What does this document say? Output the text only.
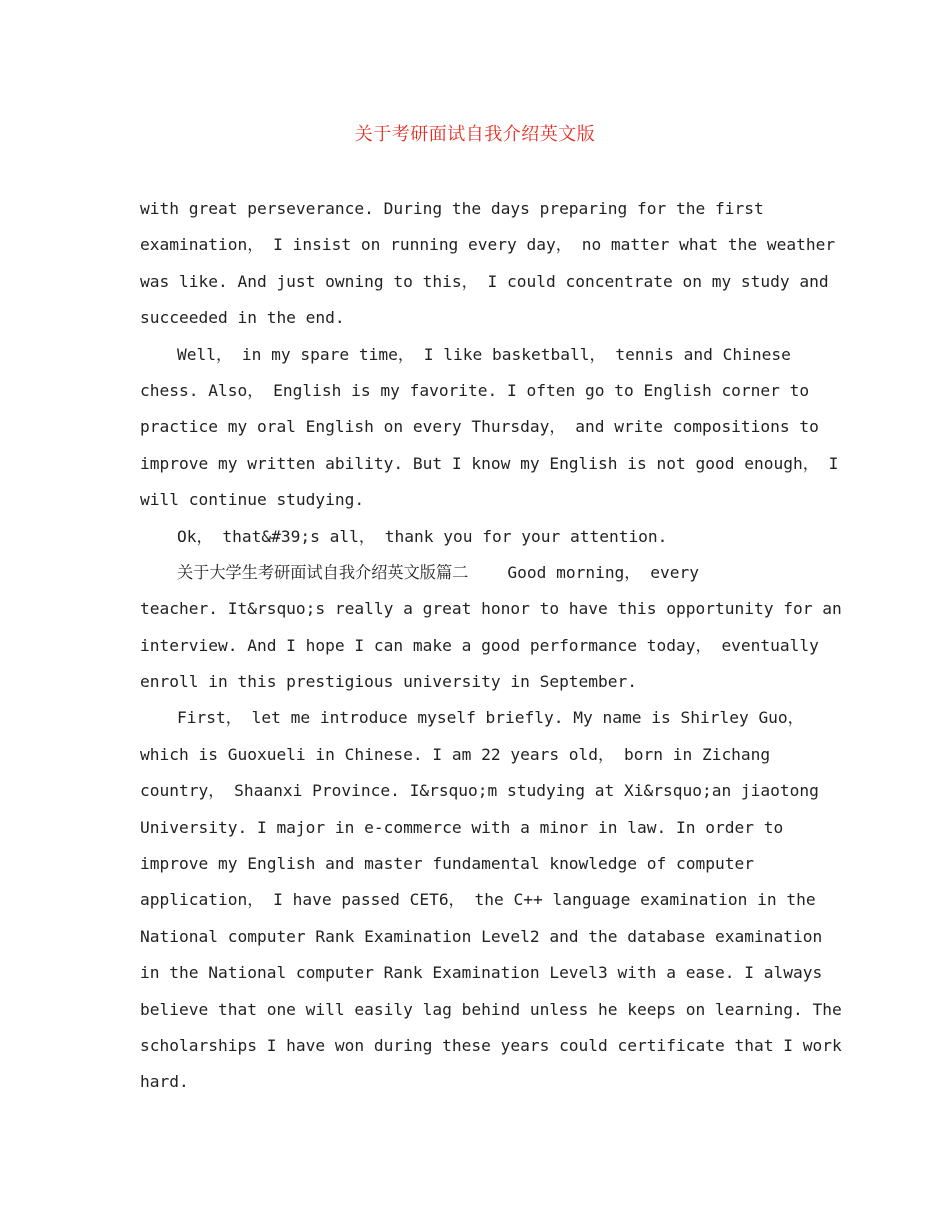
关于考研面试自我介绍英文版
with great perseverance. During the days preparing for the first
examination， I insist on running every day， no matter what the weather
was like. And just owning to this， I could concentrate on my study and
succeeded in the end.
Well， in my spare time， I like basketball， tennis and Chinese
chess. Also， English is my favorite. I often go to English corner to
practice my oral English on every Thursday， and write compositions to
improve my written ability. But I know my English is not good enough， I
will continue studying.
Ok， that&#39;s all， thank you for your attention.
关于大学生考研面试自我介绍英文版篇二    Good morning， every
teacher. It&rsquo;s really a great honor to have this opportunity for an
interview. And I hope I can make a good performance today， eventually
enroll in this prestigious university in September.
First， let me introduce myself briefly. My name is Shirley Guo，
which is Guoxueli in Chinese. I am 22 years old， born in Zichang
country， Shaanxi Province. I&rsquo;m studying at Xi&rsquo;an jiaotong
University. I major in e-commerce with a minor in law. In order to
improve my English and master fundamental knowledge of computer
application， I have passed CET6， the C++ language examination in the
National computer Rank Examination Level2 and the database examination
in the National computer Rank Examination Level3 with a ease. I always
believe that one will easily lag behind unless he keeps on learning. The
scholarships I have won during these years could certificate that I work
hard.
